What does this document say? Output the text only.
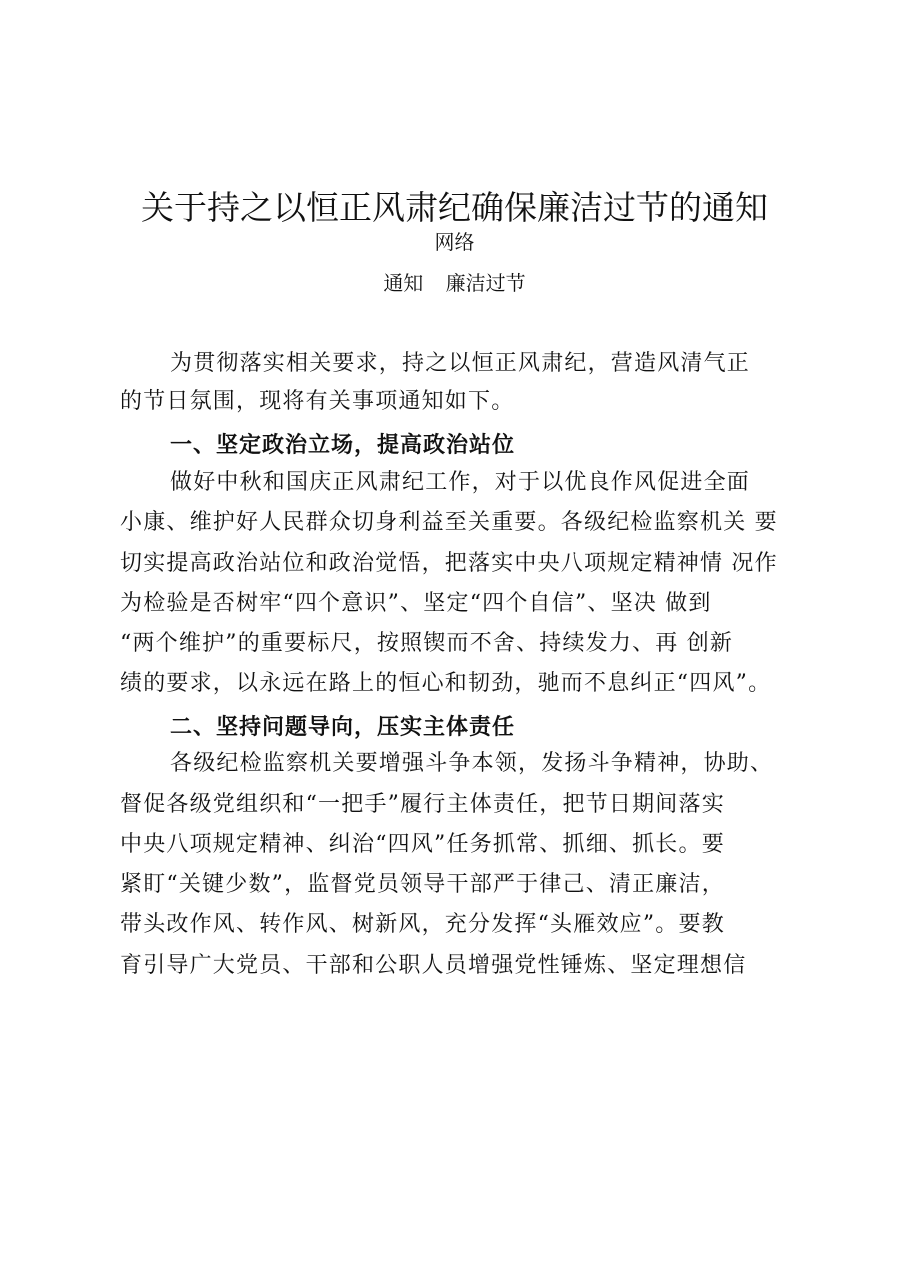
关于持之以恒正风肃纪确保廉洁过节的通知
网络
通知 廉洁过节
为贯彻落实相关要求，持之以恒正风肃纪，营造风清气正
的节日氛围，现将有关事项通知如下。
一、坚定政治立场，提高政治站位
做好中秋和国庆正风肃纪工作，对于以优良作风促进全面
小康、维护好人民群众切身利益至关重要。各级纪检监察机关 要
切实提高政治站位和政治觉悟，把落实中央八项规定精神情 况作
为检验是否树牢“四个意识”、坚定“四个自信”、坚决 做到
“两个维护”的重要标尺，按照锲而不舍、持续发力、再 创新
绩的要求，以永远在路上的恒心和韧劲，驰而不息纠正“四风”。
二、坚持问题导向，压实主体责任
各级纪检监察机关要增强斗争本领，发扬斗争精神，协助、
督促各级党组织和“一把手”履行主体责任，把节日期间落实
中央八项规定精神、纠治“四风”任务抓常、抓细、抓长。要
紧盯“关键少数”，监督党员领导干部严于律己、清正廉洁，
带头改作风、转作风、树新风，充分发挥“头雁效应”。要教
育引导广大党员、干部和公职人员增强党性锤炼、坚定理想信
